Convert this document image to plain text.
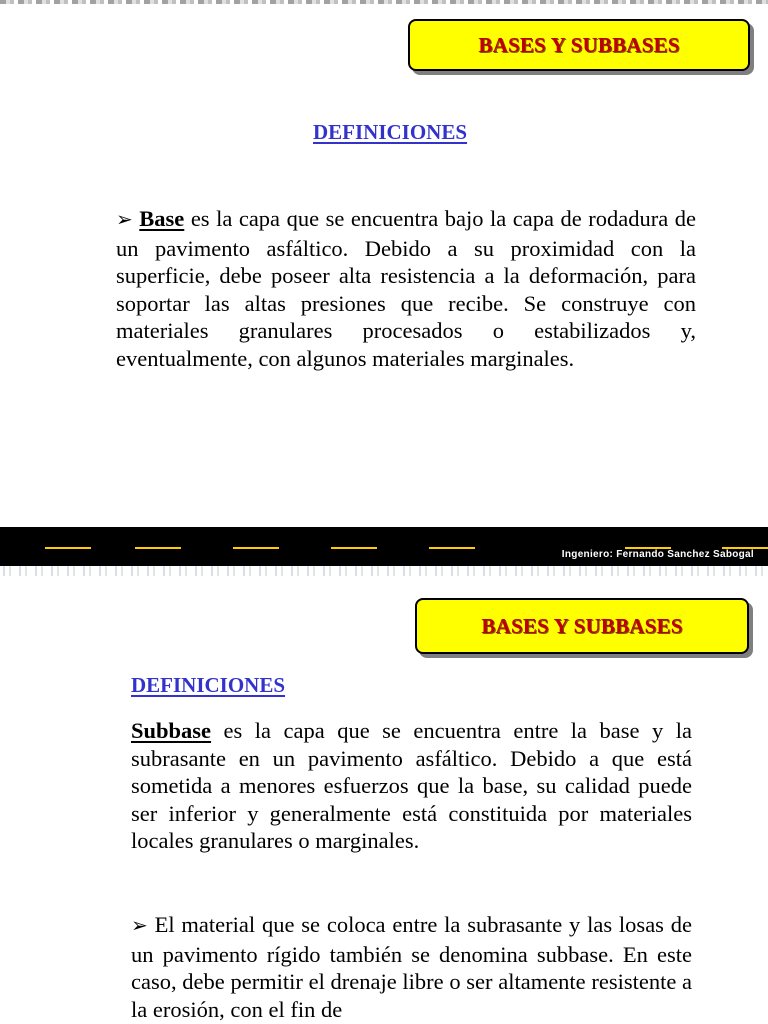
BASES Y SUBBASES
DEFINICIONES

➢ Base es la capa que se encuentra bajo la capa de rodadura de un pavimento asfáltico. Debido a su proximidad con la superficie, debe poseer alta resistencia a la deformación, para soportar las altas presiones que recibe. Se construye con materiales granulares procesados o estabilizados y, eventualmente, con algunos materiales marginales.

Ingeniero: Fernando Sanchez Sabogal
BASES Y SUBBASES
DEFINICIONES

Subbase es la capa que se encuentra entre la base y la subrasante en un pavimento asfáltico. Debido a que está sometida a menores esfuerzos que la base, su calidad puede ser inferior y generalmente está constituida por materiales locales granulares o marginales.

➢ El material que se coloca entre la subrasante y las losas de un pavimento rígido también se denomina subbase. En este caso, debe permitir el drenaje libre o ser altamente resistente a la erosión, con el fin de
